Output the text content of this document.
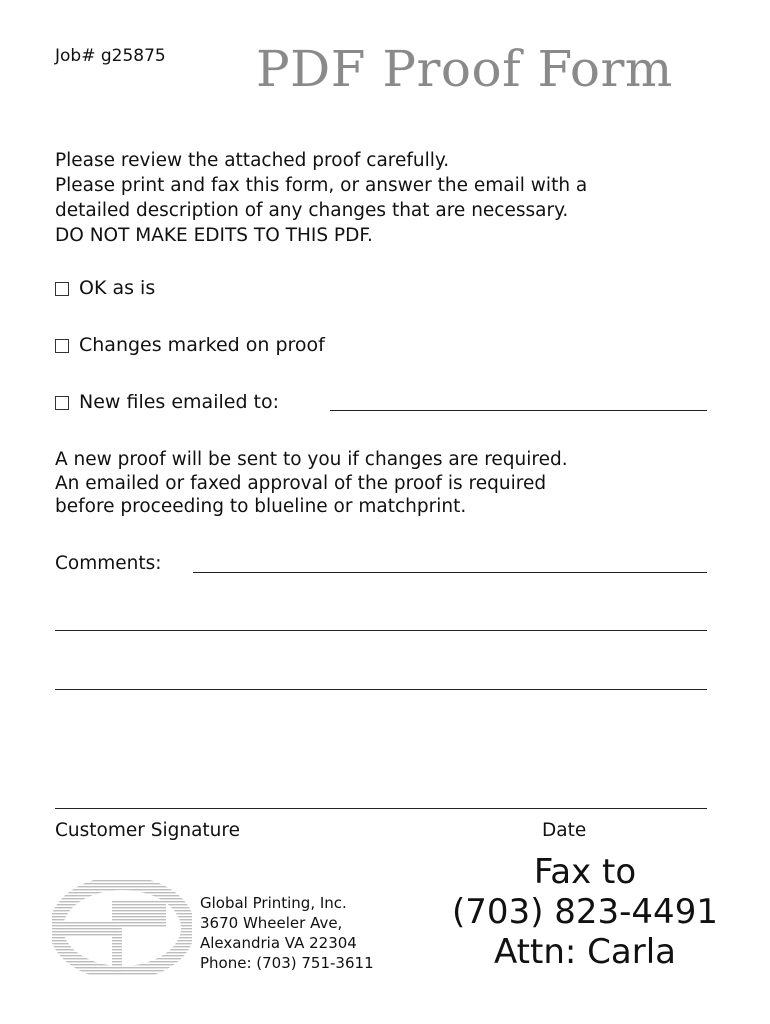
Job# g25875 PDF Proof Form
Please review the attached proof carefully.
Please print and fax this form, or answer the email with a
detailed description of any changes that are necessary.
DO NOT MAKE EDITS TO THIS PDF.
OK as is
Changes marked on proof
New files emailed to:
A new proof will be sent to you if changes are required.
An emailed or faxed approval of the proof is required
before proceeding to blueline or matchprint.
Comments:
Customer Signature	Date
Global Printing, Inc.
3670 Wheeler Ave,
Alexandria VA 22304
Phone: (703) 751-3611
Fax to
(703) 823-4491
Attn: Carla
